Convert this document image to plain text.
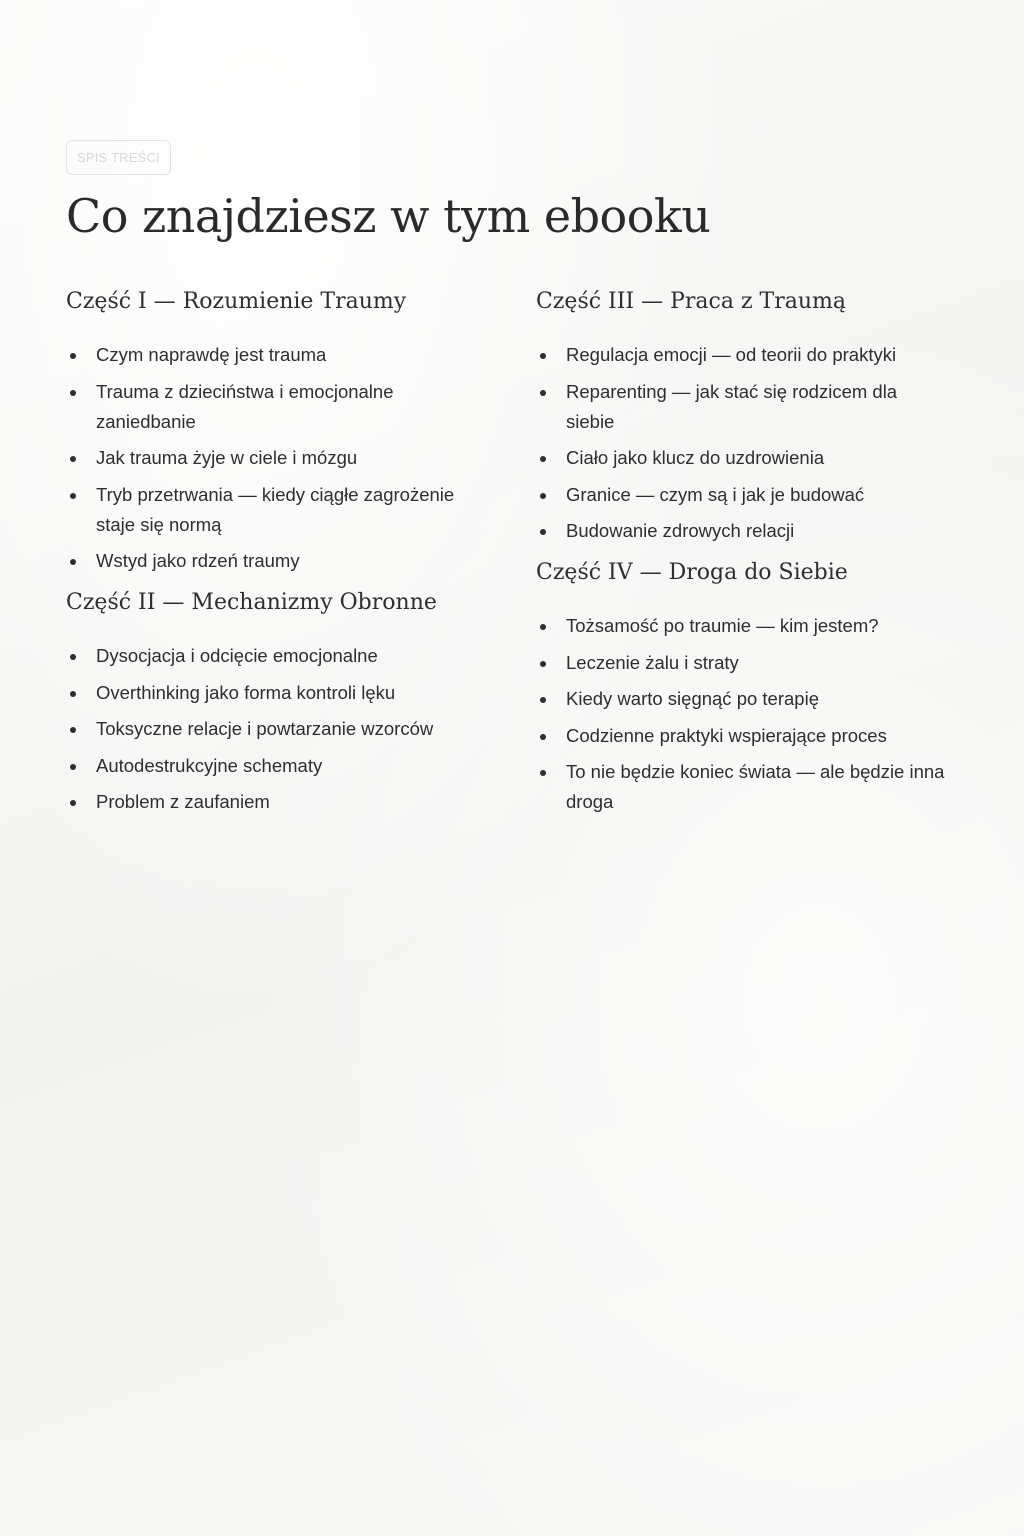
SPIS TREŚCI
Co znajdziesz w tym ebooku
Część I — Rozumienie Traumy
Czym naprawdę jest trauma
Trauma z dzieciństwa i emocjonalne zaniedbanie
Jak trauma żyje w ciele i mózgu
Tryb przetrwania — kiedy ciągłe zagrożenie staje się normą
Wstyd jako rdzeń traumy
Część II — Mechanizmy Obronne
Dysocjacja i odcięcie emocjonalne
Overthinking jako forma kontroli lęku
Toksyczne relacje i powtarzanie wzorców
Autodestrukcyjne schematy
Problem z zaufaniem
Część III — Praca z Traumą
Regulacja emocji — od teorii do praktyki
Reparenting — jak stać się rodzicem dla siebie
Ciało jako klucz do uzdrowienia
Granice — czym są i jak je budować
Budowanie zdrowych relacji
Część IV — Droga do Siebie
Tożsamość po traumie — kim jestem?
Leczenie żalu i straty
Kiedy warto sięgnąć po terapię
Codzienne praktyki wspierające proces
To nie będzie koniec świata — ale będzie inna droga
